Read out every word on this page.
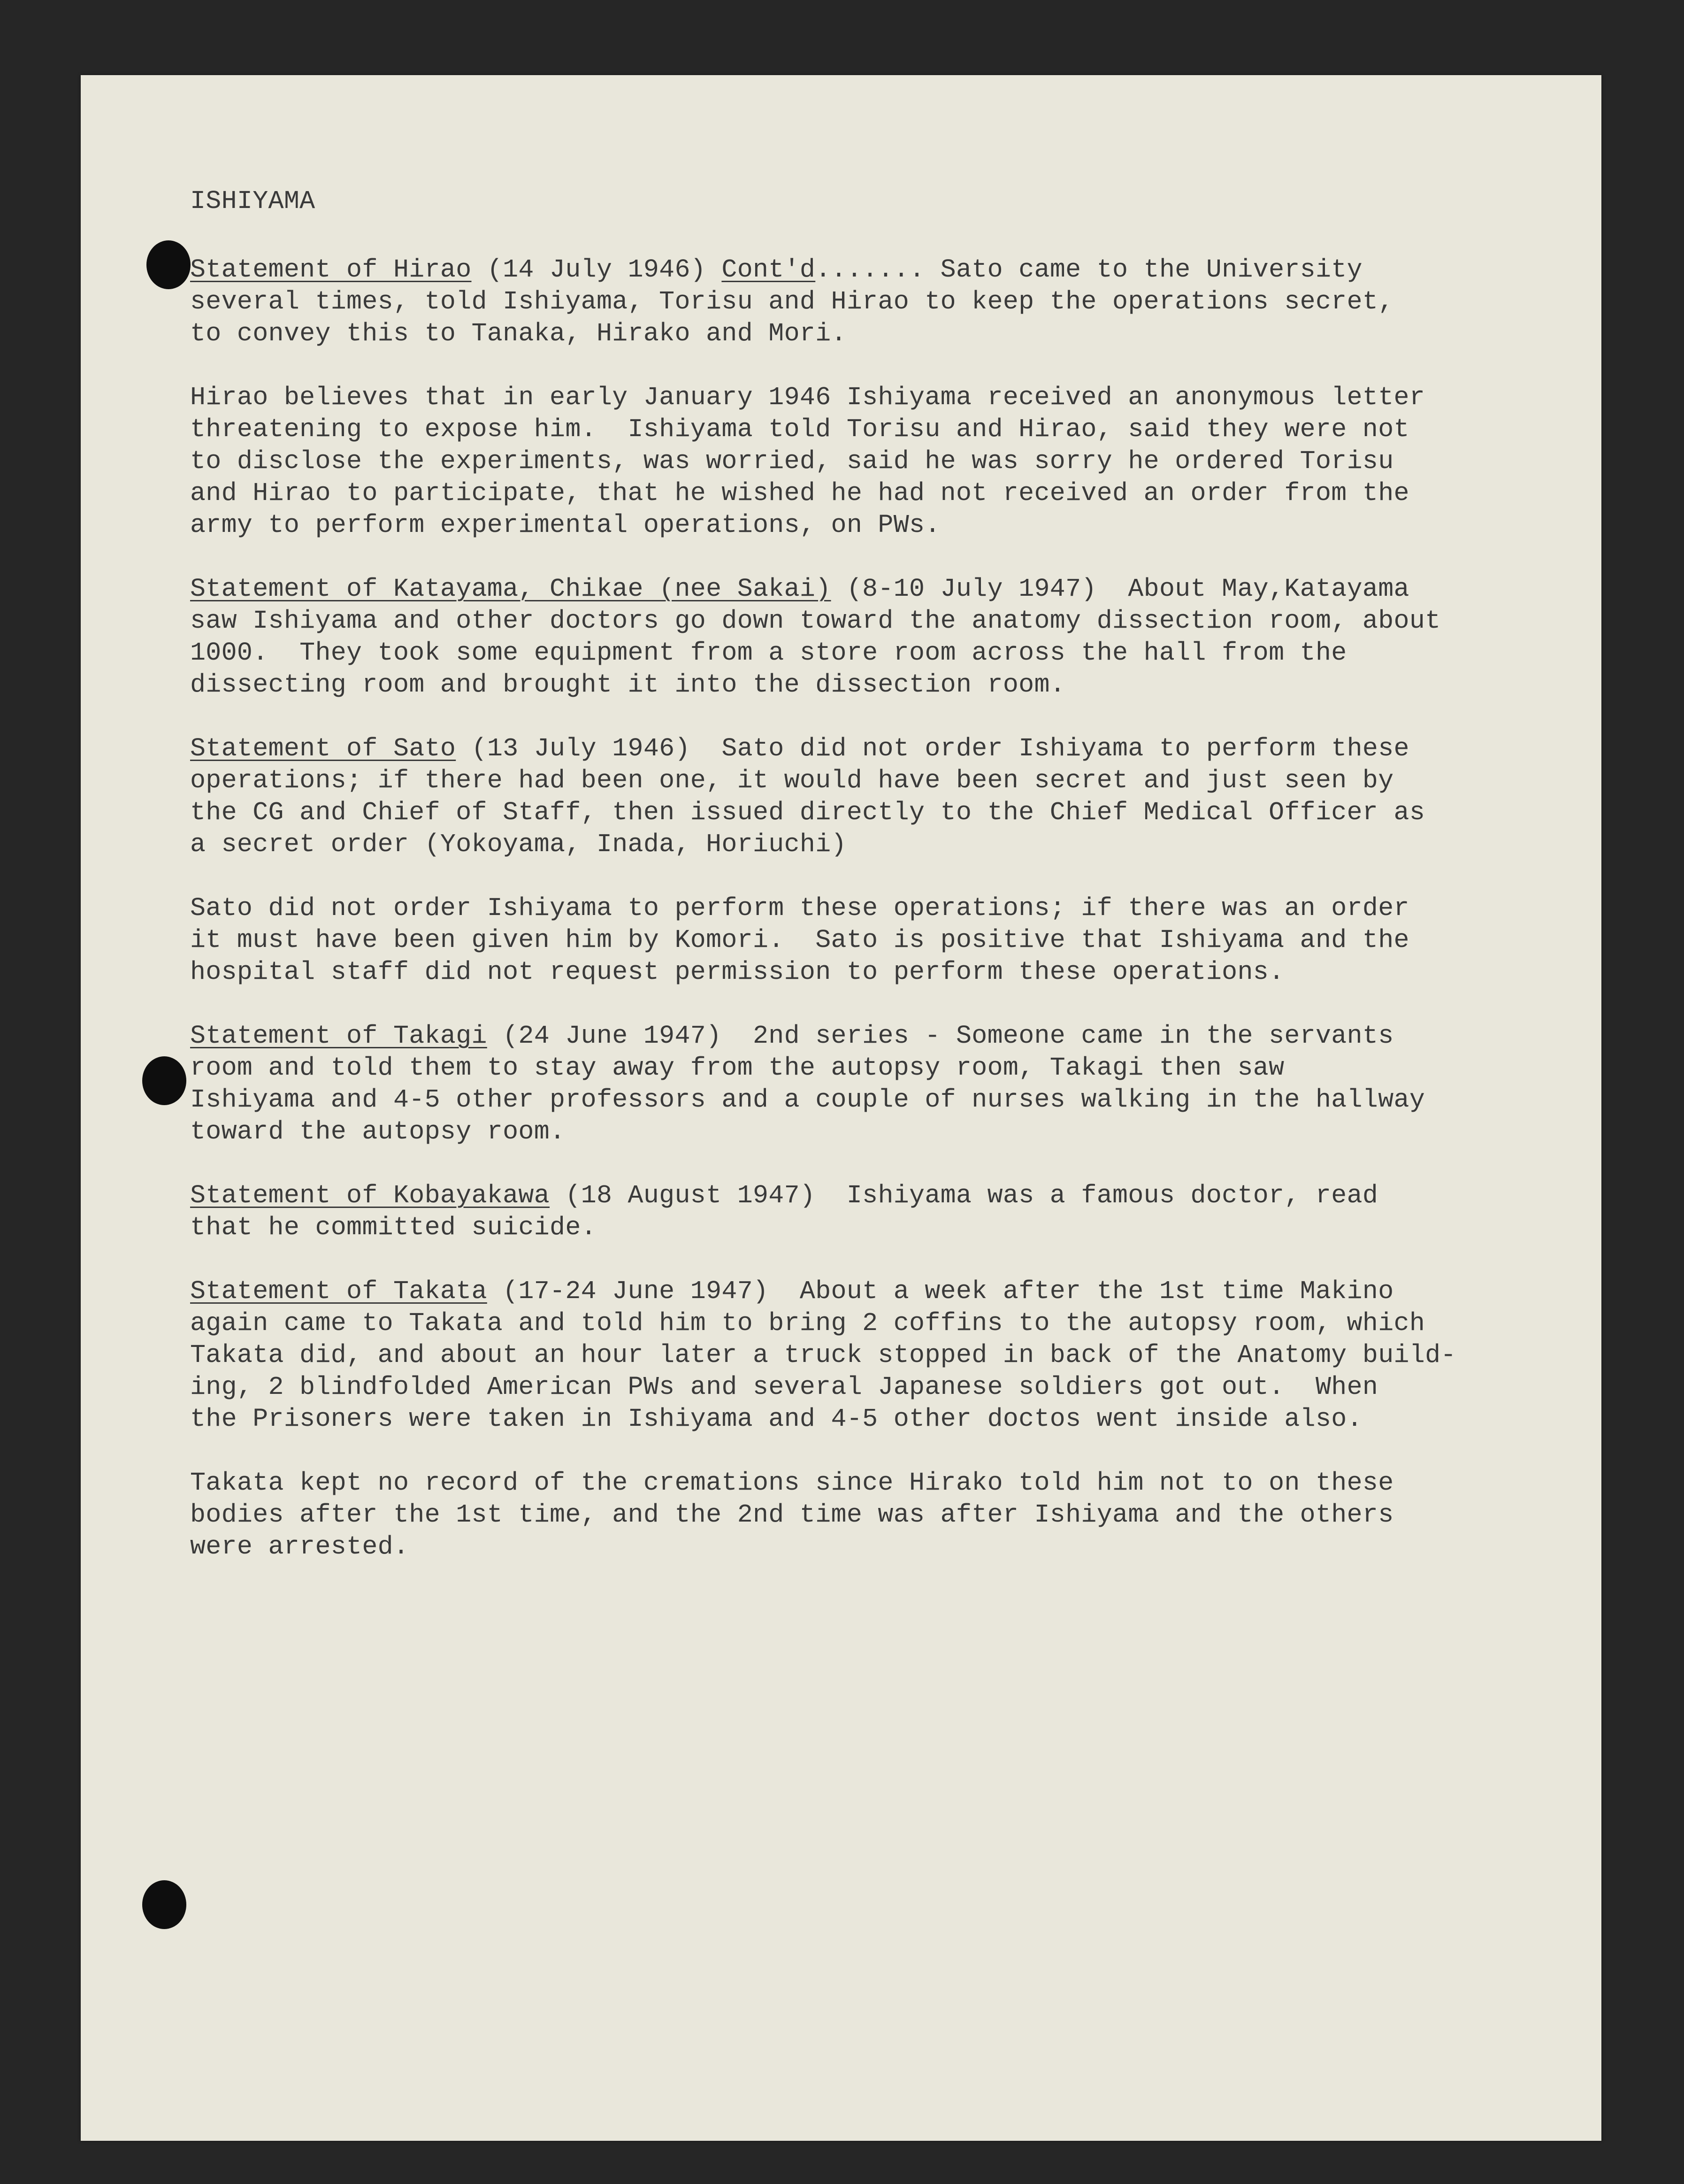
ISHIYAMA
Statement of Hirao (14 July 1946) Cont'd....... Sato came to the University
several times, told Ishiyama, Torisu and Hirao to keep the operations secret,
to convey this to Tanaka, Hirako and Mori.
Hirao believes that in early January 1946 Ishiyama received an anonymous letter
threatening to expose him.  Ishiyama told Torisu and Hirao, said they were not
to disclose the experiments, was worried, said he was sorry he ordered Torisu
and Hirao to participate, that he wished he had not received an order from the
army to perform experimental operations, on PWs.
Statement of Katayama, Chikae (nee Sakai) (8-10 July 1947)  About May,Katayama
saw Ishiyama and other doctors go down toward the anatomy dissection room, about
1000.  They took some equipment from a store room across the hall from the
dissecting room and brought it into the dissection room.
Statement of Sato (13 July 1946)  Sato did not order Ishiyama to perform these
operations; if there had been one, it would have been secret and just seen by
the CG and Chief of Staff, then issued directly to the Chief Medical Officer as
a secret order (Yokoyama, Inada, Horiuchi)
Sato did not order Ishiyama to perform these operations; if there was an order
it must have been given him by Komori.  Sato is positive that Ishiyama and the
hospital staff did not request permission to perform these operations.
Statement of Takagi (24 June 1947)  2nd series - Someone came in the servants
room and told them to stay away from the autopsy room, Takagi then saw
Ishiyama and 4-5 other professors and a couple of nurses walking in the hallway
toward the autopsy room.
Statement of Kobayakawa (18 August 1947)  Ishiyama was a famous doctor, read
that he committed suicide.
Statement of Takata (17-24 June 1947)  About a week after the 1st time Makino
again came to Takata and told him to bring 2 coffins to the autopsy room, which
Takata did, and about an hour later a truck stopped in back of the Anatomy build-
ing, 2 blindfolded American PWs and several Japanese soldiers got out.  When
the Prisoners were taken in Ishiyama and 4-5 other doctos went inside also.
Takata kept no record of the cremations since Hirako told him not to on these
bodies after the 1st time, and the 2nd time was after Ishiyama and the others
were arrested.
